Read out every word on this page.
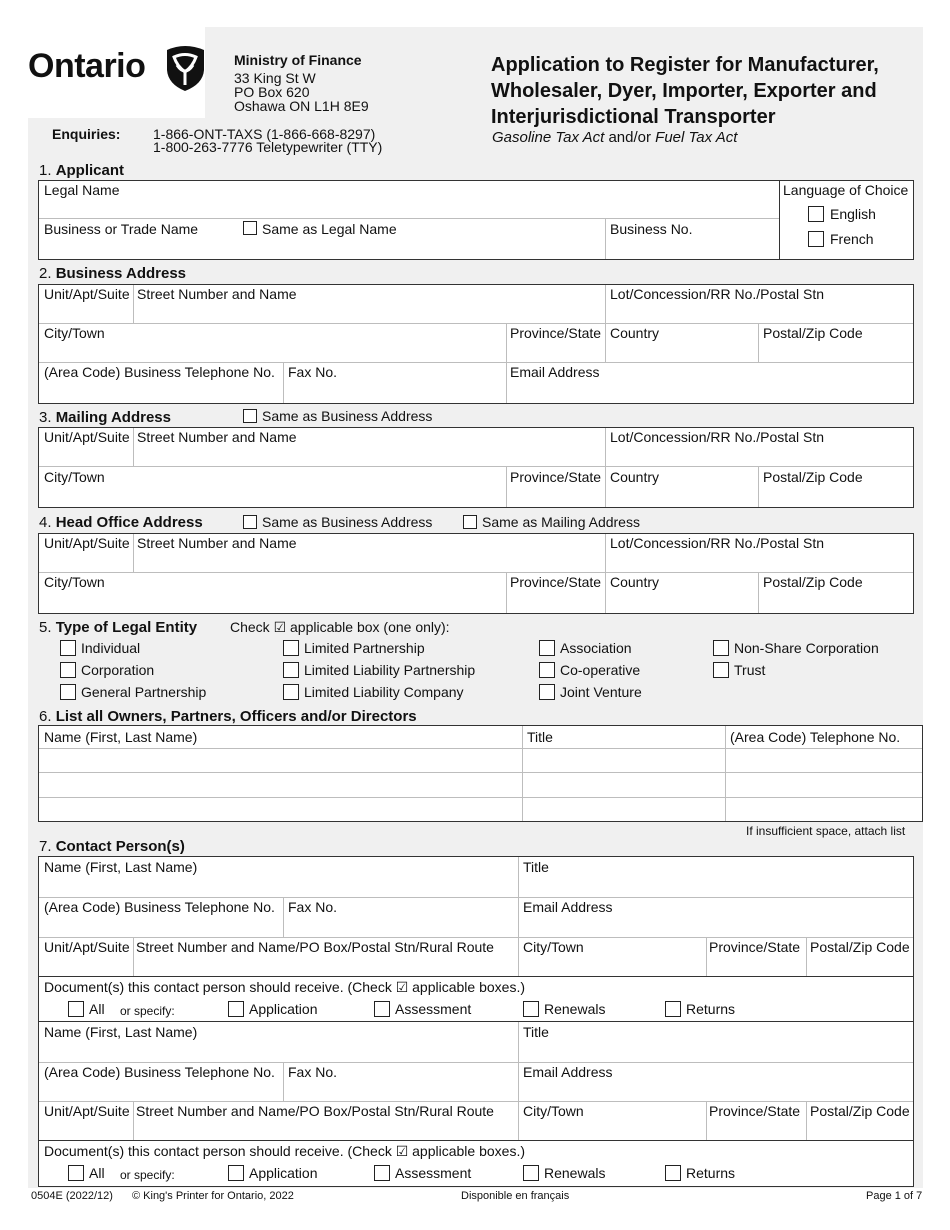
Ontario	Ministry of Finance
33 King St W
PO Box 620
Oshawa ON L1H 8E9
Enquiries: 1-866-ONT-TAXS (1-866-668-8297)
1-800-263-7776 Teletypewriter (TTY)
Application to Register for Manufacturer,
Wholesaler, Dyer, Importer, Exporter and
Interjurisdictional Transporter
Gasoline Tax Act and/or Fuel Tax Act
1. Applicant
Legal Name
Business or Trade Name	Same as Legal Name	Business No.
Language of Choice
English
French
2. Business Address
Unit/Apt/Suite Street Number and Name	Lot/Concession/RR No./Postal Stn
City/Town	Province/State Country	Postal/Zip Code
(Area Code) Business Telephone No. Fax No.	Email Address
3. Mailing Address	Same as Business Address
Unit/Apt/Suite Street Number and Name	Lot/Concession/RR No./Postal Stn
City/Town	Province/State Country	Postal/Zip Code
4. Head Office Address	Same as Business Address	Same as Mailing Address
Unit/Apt/Suite Street Number and Name	Lot/Concession/RR No./Postal Stn
City/Town	Province/State Country	Postal/Zip Code
5. Type of Legal Entity Check ☑ applicable box (one only):
Individual
Corporation
General Partnership
Limited Partnership
Limited Liability Partnership
Limited Liability Company
Association
Co-operative
Joint Venture
Non-Share Corporation
Trust
6. List all Owners, Partners, Officers and/or Directors
Name (First, Last Name)	Title	(Area Code) Telephone No.
If insufficient space, attach list
7. Contact Person(s)
Name (First, Last Name)	Title
(Area Code) Business Telephone No. Fax No.	Email Address
Unit/Apt/Suite Street Number and Name/PO Box/Postal Stn/Rural Route City/Town	Province/State Postal/Zip Code
Document(s) this contact person should receive. (Check ☑ applicable boxes.)
All or specify:	Application	Assessment	Renewals	Returns
Name (First, Last Name)	Title
(Area Code) Business Telephone No. Fax No.	Email Address
Unit/Apt/Suite Street Number and Name/PO Box/Postal Stn/Rural Route City/Town	Province/State Postal/Zip Code
Document(s) this contact person should receive. (Check ☑ applicable boxes.)
All or specify:	Application	Assessment	Renewals	Returns
0504E (2022/12) © King's Printer for Ontario, 2022	Disponible en français	Page 1 of 7
